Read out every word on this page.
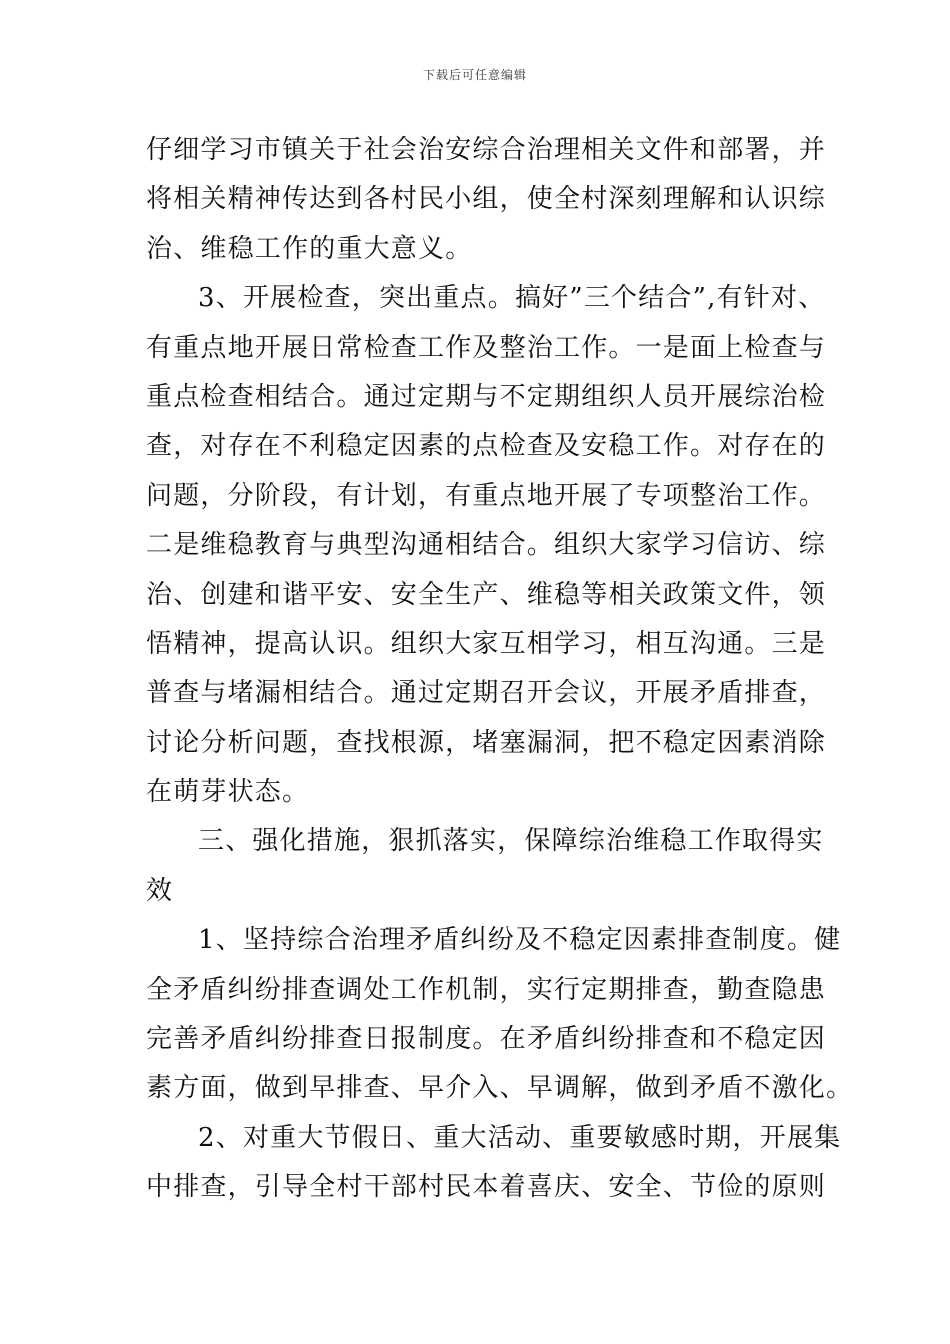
下载后可任意编辑
仔细学习市镇关于社会治安综合治理相关文件和部署，并
将相关精神传达到各村民小组，使全村深刻理解和认识综
治、维稳工作的重大意义。
3、开展检查，突出重点。搞好”三个结合”,有针对、
有重点地开展日常检查工作及整治工作。一是面上检查与
重点检查相结合。通过定期与不定期组织人员开展综治检
查，对存在不利稳定因素的点检查及安稳工作。对存在的
问题，分阶段，有计划，有重点地开展了专项整治工作。
二是维稳教育与典型沟通相结合。组织大家学习信访、综
治、创建和谐平安、安全生产、维稳等相关政策文件，领
悟精神，提高认识。组织大家互相学习，相互沟通。三是
普查与堵漏相结合。通过定期召开会议，开展矛盾排查，
讨论分析问题，查找根源，堵塞漏洞，把不稳定因素消除
在萌芽状态。
三、强化措施，狠抓落实，保障综治维稳工作取得实
效
1、坚持综合治理矛盾纠纷及不稳定因素排查制度。健
全矛盾纠纷排查调处工作机制，实行定期排查，勤查隐患
完善矛盾纠纷排查日报制度。在矛盾纠纷排查和不稳定因
素方面，做到早排查、早介入、早调解，做到矛盾不激化。
2、对重大节假日、重大活动、重要敏感时期，开展集
中排查，引导全村干部村民本着喜庆、安全、节俭的原则
